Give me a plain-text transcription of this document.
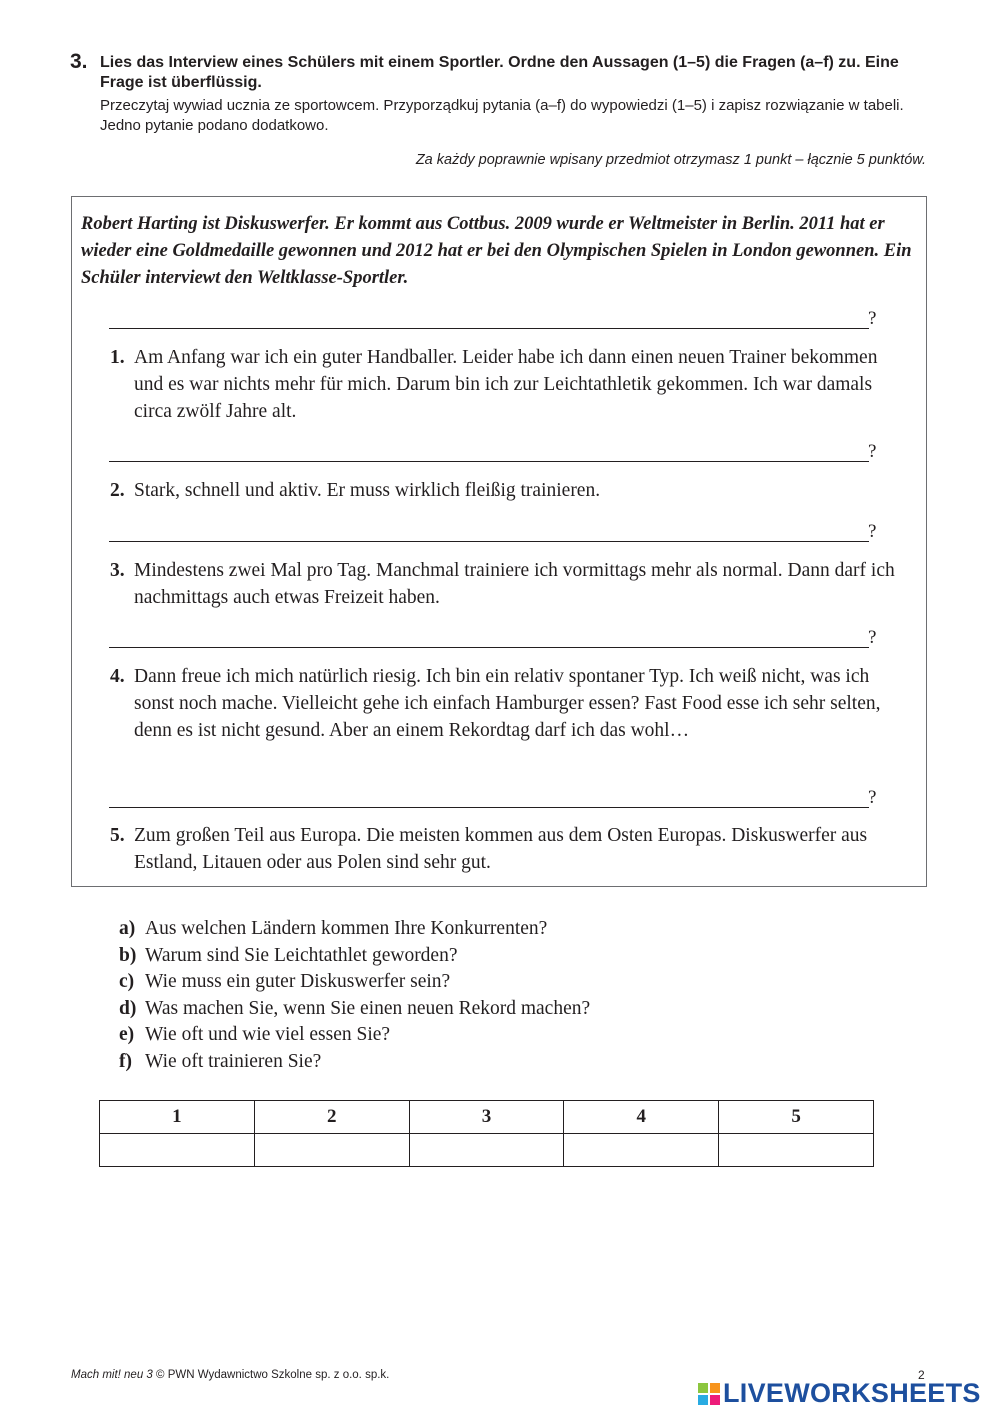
3. Lies das Interview eines Schülers mit einem Sportler. Ordne den Aussagen (1–5) die Fragen (a–f) zu. Eine Frage ist überflüssig.
Przeczytaj wywiad ucznia ze sportowcem. Przyporządkuj pytania (a–f) do wypowiedzi (1–5) i zapisz rozwiązanie w tabeli. Jedno pytanie podano dodatkowo.
Za każdy poprawnie wpisany przedmiot otrzymasz 1 punkt – łącznie 5 punktów.
Robert Harting ist Diskuswerfer. Er kommt aus Cottbus. 2009 wurde er Weltmeister in Berlin. 2011 hat er wieder eine Goldmedaille gewonnen und 2012 hat er bei den Olympischen Spielen in London gewonnen. Ein Schüler interviewt den Weltklasse-Sportler.
?
1. Am Anfang war ich ein guter Handballer. Leider habe ich dann einen neuen Trainer bekommen und es war nichts mehr für mich. Darum bin ich zur Leichtathletik gekommen. Ich war damals circa zwölf Jahre alt.
?
2. Stark, schnell und aktiv. Er muss wirklich fleißig trainieren.
?
3. Mindestens zwei Mal pro Tag. Manchmal trainiere ich vormittags mehr als normal. Dann darf ich nachmittags auch etwas Freizeit haben.
?
4. Dann freue ich mich natürlich riesig. Ich bin ein relativ spontaner Typ. Ich weiß nicht, was ich sonst noch mache. Vielleicht gehe ich einfach Hamburger essen? Fast Food esse ich sehr selten, denn es ist nicht gesund. Aber an einem Rekordtag darf ich das wohl…
?
5. Zum großen Teil aus Europa. Die meisten kommen aus dem Osten Europas. Diskuswerfer aus Estland, Litauen oder aus Polen sind sehr gut.
a) Aus welchen Ländern kommen Ihre Konkurrenten?
b) Warum sind Sie Leichtathlet geworden?
c) Wie muss ein guter Diskuswerfer sein?
d) Was machen Sie, wenn Sie einen neuen Rekord machen?
e) Wie oft und wie viel essen Sie?
f) Wie oft trainieren Sie?
1	2	3	4	5

Mach mit! neu 3 © PWN Wydawnictwo Szkolne sp. z o.o. sp.k.	2
LIVEWORKSHEETS
